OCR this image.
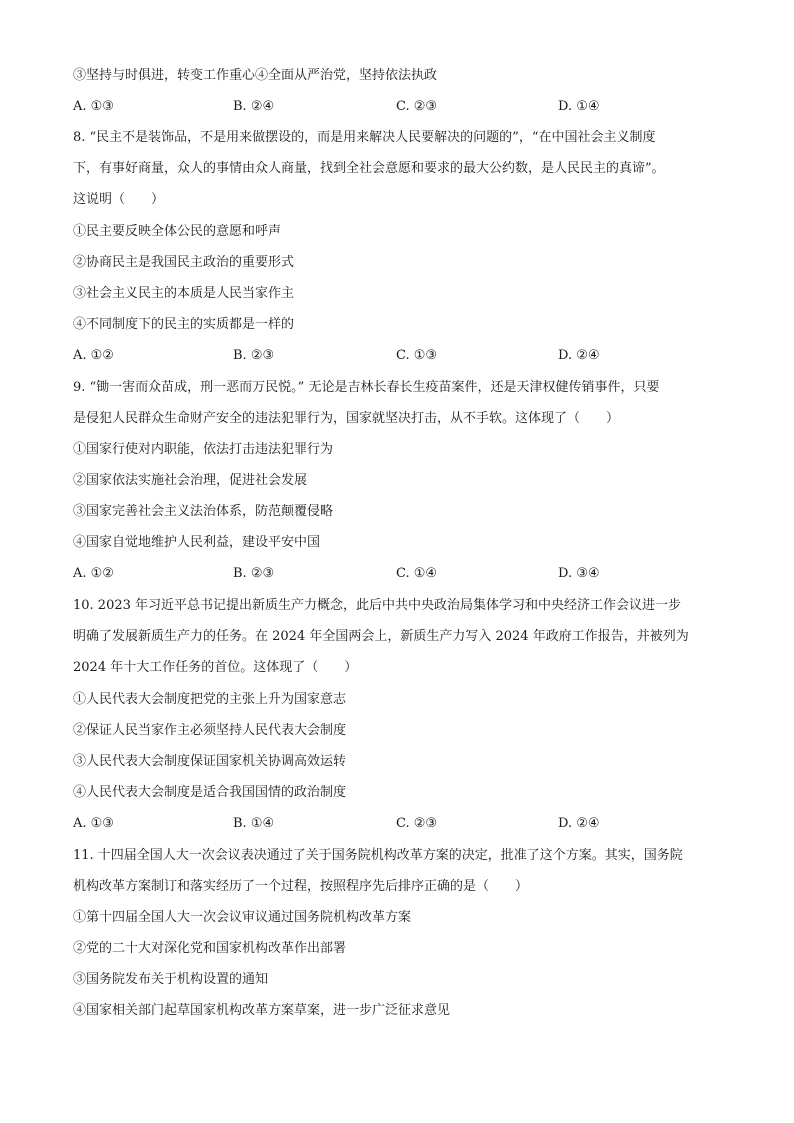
③坚持与时俱进，转变工作重心④全面从严治党，坚持依法执政
A. ①③	B. ②④	C. ②③	D. ①④
8. “民主不是装饰品，不是用来做摆设的，而是用来解决人民要解决的问题的”，“在中国社会主义制度
下，有事好商量，众人的事情由众人商量，找到全社会意愿和要求的最大公约数，是人民民主的真谛”。
这说明（　　）
①民主要反映全体公民的意愿和呼声
②协商民主是我国民主政治的重要形式
③社会主义民主的本质是人民当家作主
④不同制度下的民主的实质都是一样的
A. ①②	B. ②③	C. ①③	D. ②④
9. “锄一害而众苗成，刑一恶而万民悦。” 无论是吉林长春长生疫苗案件，还是天津权健传销事件，只要
是侵犯人民群众生命财产安全的违法犯罪行为，国家就坚决打击，从不手软。这体现了（　　）
①国家行使对内职能，依法打击违法犯罪行为
②国家依法实施社会治理，促进社会发展
③国家完善社会主义法治体系，防范颠覆侵略
④国家自觉地维护人民利益，建设平安中国
A. ①②	B. ②③	C. ①④	D. ③④
10. 2023 年习近平总书记提出新质生产力概念，此后中共中央政治局集体学习和中央经济工作会议进一步
明确了发展新质生产力的任务。在 2024 年全国两会上，新质生产力写入 2024 年政府工作报告，并被列为
2024 年十大工作任务的首位。这体现了（　　）
①人民代表大会制度把党的主张上升为国家意志
②保证人民当家作主必须坚持人民代表大会制度
③人民代表大会制度保证国家机关协调高效运转
④人民代表大会制度是适合我国国情的政治制度
A. ①③	B. ①④	C. ②③	D. ②④
11. 十四届全国人大一次会议表决通过了关于国务院机构改革方案的决定，批准了这个方案。其实，国务院
机构改革方案制订和落实经历了一个过程，按照程序先后排序正确的是（　　）
①第十四届全国人大一次会议审议通过国务院机构改革方案
②党的二十大对深化党和国家机构改革作出部署
③国务院发布关于机构设置的通知
④国家相关部门起草国家机构改革方案草案，进一步广泛征求意见
